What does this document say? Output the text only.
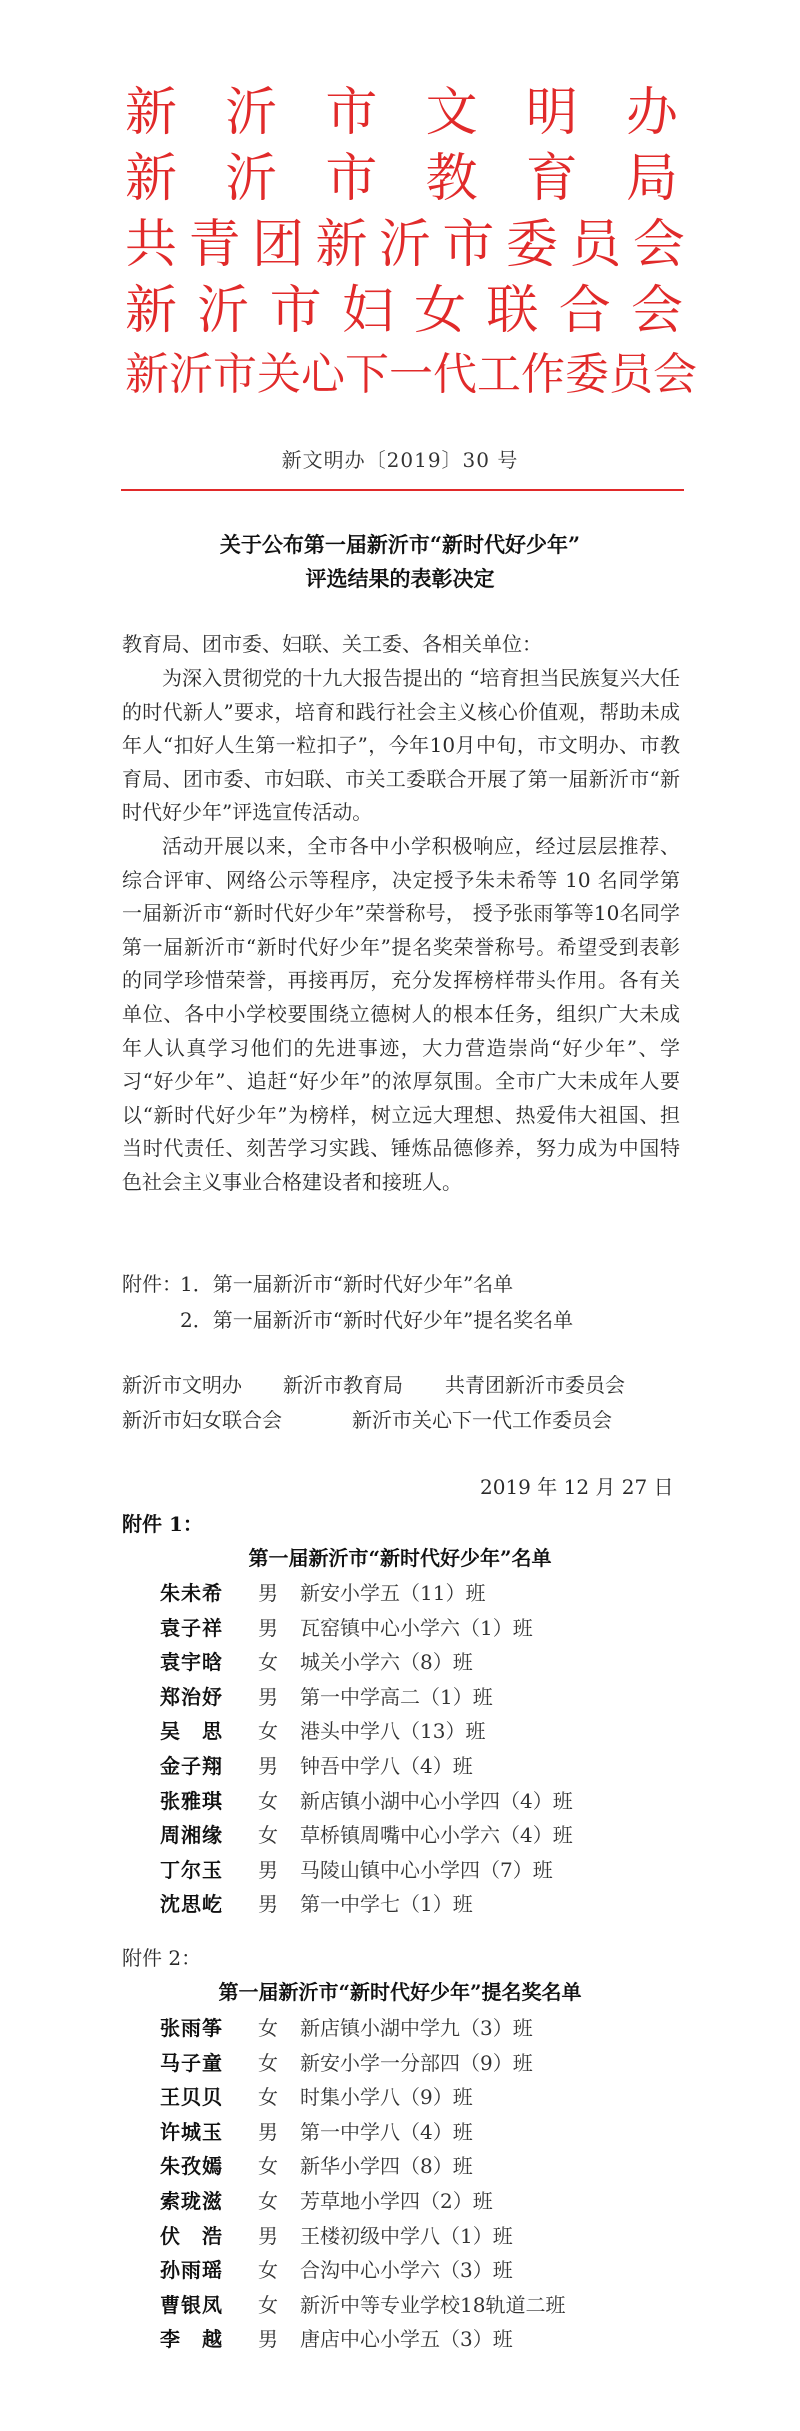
新 沂 市 文 明 办
新 沂 市 教 育 局
共 青 团 新 沂 市 委 员 会
新 沂 市 妇 女 联 合 会
新沂市关心下一代工作委员会
新文明办〔2019〕30 号
关于公布第一届新沂市“新时代好少年”
评选结果的表彰决定
教育局、团市委、妇联、关工委、各相关单位：
为深入贯彻党的十九大报告提出的 “培育担当民族复兴大任的时代新人”要求，培育和践行社会主义核心价值观，帮助未成年人“扣好人生第一粒扣子”，今年10月中旬，市文明办、市教育局、团市委、市妇联、市关工委联合开展了第一届新沂市“新时代好少年”评选宣传活动。
活动开展以来，全市各中小学积极响应，经过层层推荐、综合评审、网络公示等程序，决定授予朱未希等 10 名同学第一届新沂市“新时代好少年”荣誉称号， 授予张雨筝等10名同学第一届新沂市“新时代好少年”提名奖荣誉称号。希望受到表彰的同学珍惜荣誉，再接再厉，充分发挥榜样带头作用。各有关单位、各中小学校要围绕立德树人的根本任务，组织广大未成年人认真学习他们的先进事迹，大力营造崇尚“好少年”、学习“好少年”、追赶“好少年”的浓厚氛围。全市广大未成年人要以“新时代好少年”为榜样，树立远大理想、热爱伟大祖国、担当时代责任、刻苦学习实践、锤炼品德修养，努力成为中国特色社会主义事业合格建设者和接班人。
附件：
1．第一届新沂市“新时代好少年”名单
2．第一届新沂市“新时代好少年”提名奖名单
新沂市文明办 新沂市教育局 共青团新沂市委员会
新沂市妇女联合会	新沂市关心下一代工作委员会
2019 年 12 月 27 日
附件 1：
第一届新沂市“新时代好少年”名单
朱未希 男 新安小学五（11）班
袁子祥 男 瓦窑镇中心小学六（1）班
袁宇晗 女 城关小学六（8）班
郑治妤 男 第一中学高二（1）班
吴　思 女 港头中学八（13）班
金子翔 男 钟吾中学八（4）班
张雅琪 女 新店镇小湖中心小学四（4）班
周湘缘 女 草桥镇周嘴中心小学六（4）班
丁尔玉 男 马陵山镇中心小学四（7）班
沈思屹 男 第一中学七（1）班
附件 2：
第一届新沂市“新时代好少年”提名奖名单
张雨筝 女 新店镇小湖中学九（3）班
马子童 女 新安小学一分部四（9）班
王贝贝 女 时集小学八（9）班
许城玉 男 第一中学八（4）班
朱孜嫣 女 新华小学四（8）班
索珑滋 女 芳草地小学四（2）班
伏　浩 男 王楼初级中学八（1）班
孙雨瑶 女 合沟中心小学六（3）班
曹银凤 女 新沂中等专业学校18轨道二班
李　越 男 唐店中心小学五（3）班
